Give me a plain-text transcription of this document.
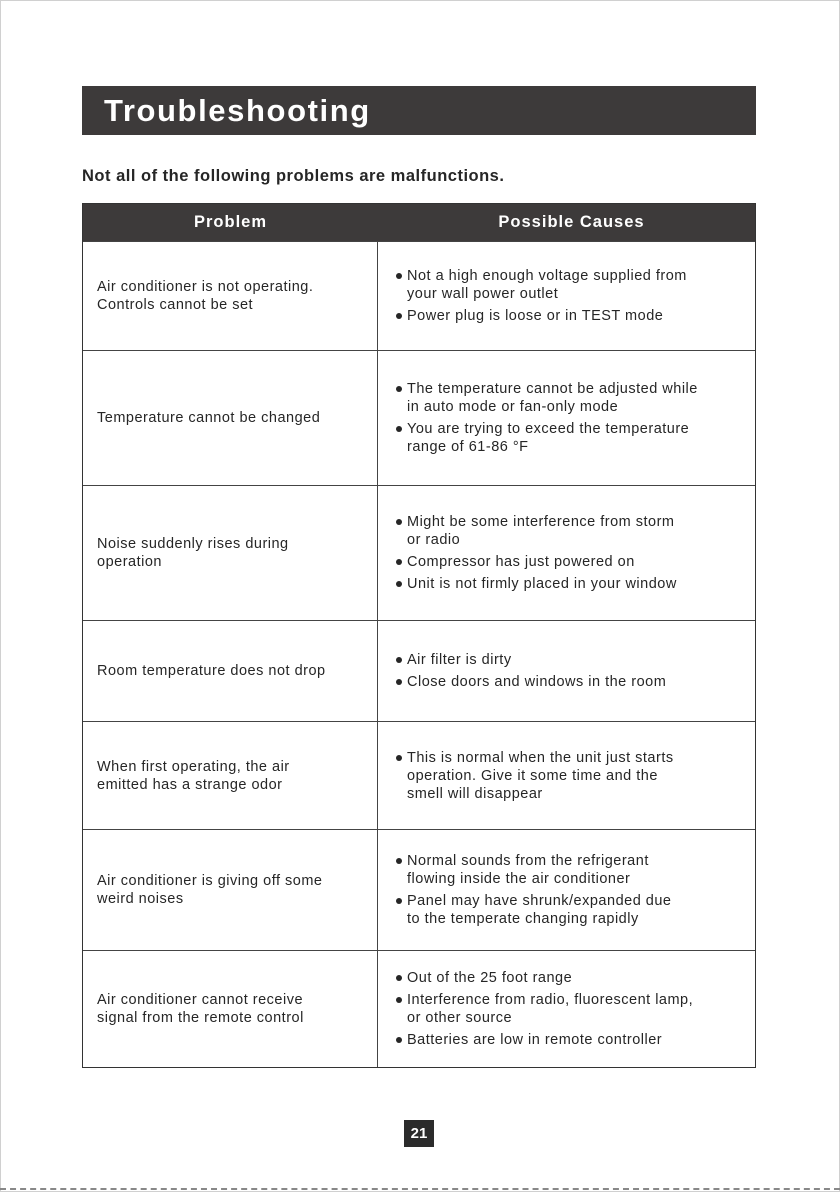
Troubleshooting
Not all of the following problems are malfunctions.
Problem	Possible Causes
Air conditioner is not operating.
Controls cannot be set
Not a high enough voltage supplied from
your wall power outlet
Power plug is loose or in TEST mode
Temperature cannot be changed
The temperature cannot be adjusted while
in auto mode or fan-only mode
You are trying to exceed the temperature
range of 61-86 °F
Noise suddenly rises during
operation
Might be some interference from storm
or radio
Compressor has just powered on
Unit is not firmly placed in your window
Room temperature does not drop
Air filter is dirty
Close doors and windows in the room
When first operating, the air
emitted has a strange odor
This is normal when the unit just starts
operation. Give it some time and the
smell will disappear
Air conditioner is giving off some
weird noises
Normal sounds from the refrigerant
flowing inside the air conditioner
Panel may have shrunk/expanded due
to the temperate changing rapidly
Air conditioner cannot receive
signal from the remote control
Out of the 25 foot range
Interference from radio, fluorescent lamp,
or other source
Batteries are low in remote controller
21
